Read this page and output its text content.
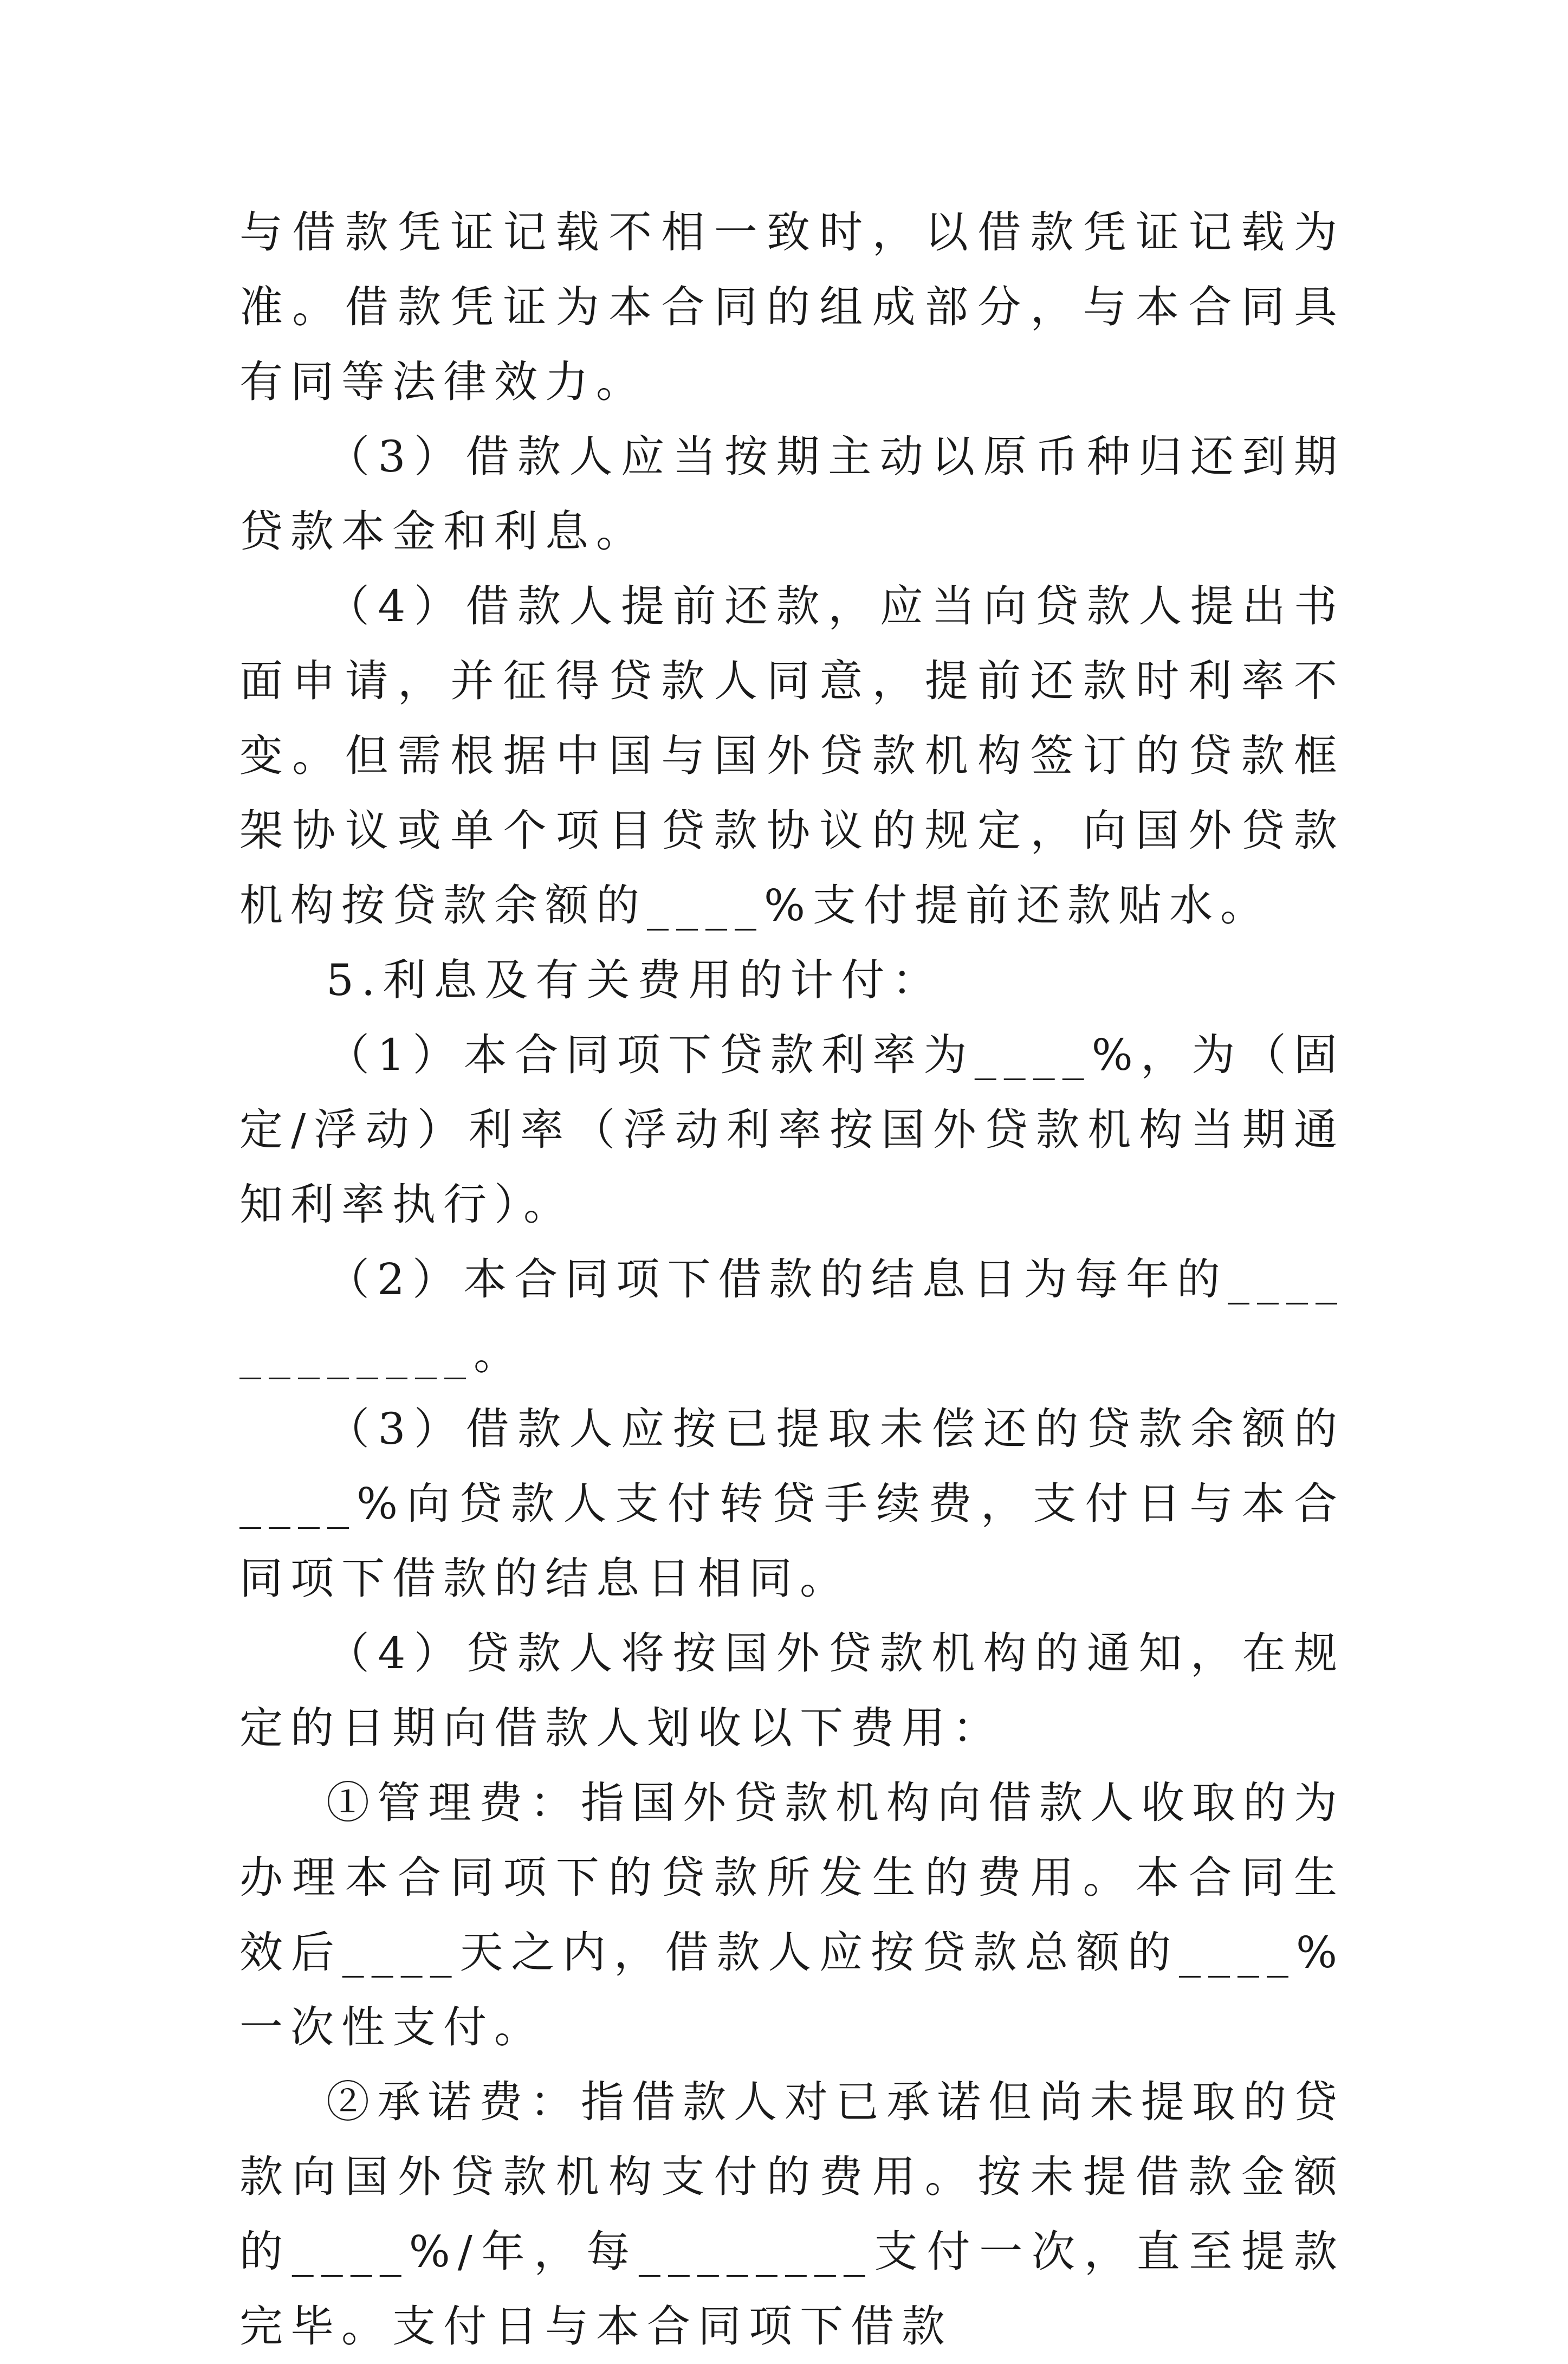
与借款凭证记载不相一致时，以借款凭证记载为准。借款凭证为本合同的组成部分，与本合同具有同等法律效力。

（3）借款人应当按期主动以原币种归还到期贷款本金和利息。

（4）借款人提前还款，应当向贷款人提出书面申请，并征得贷款人同意，提前还款时利率不变。但需根据中国与国外贷款机构签订的贷款框架协议或单个项目贷款协议的规定，向国外贷款机构按贷款余额的____%支付提前还款贴水。

5.利息及有关费用的计付：

（1）本合同项下贷款利率为____%，为（固定/浮动）利率（浮动利率按国外贷款机构当期通知利率执行）。

（2）本合同项下借款的结息日为每年的____________。

（3）借款人应按已提取未偿还的贷款余额的____%向贷款人支付转贷手续费，支付日与本合同项下借款的结息日相同。

（4）贷款人将按国外贷款机构的通知，在规定的日期向借款人划收以下费用：

①管理费：指国外贷款机构向借款人收取的为办理本合同项下的贷款所发生的费用。本合同生效后____天之内，借款人应按贷款总额的____%一次性支付。

②承诺费：指借款人对已承诺但尚未提取的贷款向国外贷款机构支付的费用。按未提借款金额的____%/年，每________支付一次，直至提款完毕。支付日与本合同项下借款
